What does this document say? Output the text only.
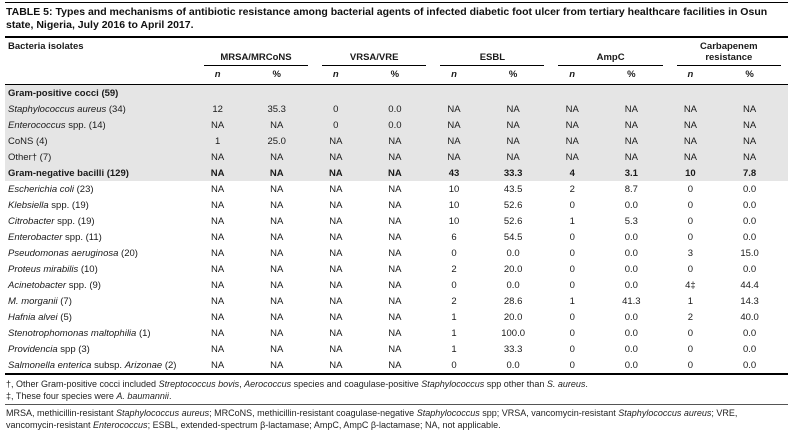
TABLE 5: Types and mechanisms of antibiotic resistance among bacterial agents of infected diabetic foot ulcer from tertiary healthcare facilities in Osun state, Nigeria, July 2016 to April 2017.
Bacteria isolates	MRSA/MRCoNS		VRSA/VRE		ESBL		AmpC		Carbapenem resistance	

	n	%	n	%	n	%	n	%	n	%
Gram-positive cocci (59)										
Staphylococcus aureus (34)	12	35.3	0	0.0	NA	NA	NA	NA	NA	NA
Enterococcus spp. (14)	NA	NA	0	0.0	NA	NA	NA	NA	NA	NA
CoNS (4)	1	25.0	NA	NA	NA	NA	NA	NA	NA	NA
Other† (7)	NA	NA	NA	NA	NA	NA	NA	NA	NA	NA
Gram-negative bacilli (129)	NA	NA	NA	NA	43	33.3	4	3.1	10	7.8
Escherichia coli (23)	NA	NA	NA	NA	10	43.5	2	8.7	0	0.0
Klebsiella spp. (19)	NA	NA	NA	NA	10	52.6	0	0.0	0	0.0
Citrobacter spp. (19)	NA	NA	NA	NA	10	52.6	1	5.3	0	0.0
Enterobacter spp. (11)	NA	NA	NA	NA	6	54.5	0	0.0	0	0.0
Pseudomonas aeruginosa (20)	NA	NA	NA	NA	0	0.0	0	0.0	3	15.0
Proteus mirabilis (10)	NA	NA	NA	NA	2	20.0	0	0.0	0	0.0
Acinetobacter spp. (9)	NA	NA	NA	NA	0	0.0	0	0.0	4‡	44.4
M. morganii (7)	NA	NA	NA	NA	2	28.6	1	41.3	1	14.3
Hafnia alvei (5)	NA	NA	NA	NA	1	20.0	0	0.0	2	40.0
Stenotrophomonas maltophilia (1)	NA	NA	NA	NA	1	100.0	0	0.0	0	0.0
Providencia spp (3)	NA	NA	NA	NA	1	33.3	0	0.0	0	0.0
Salmonella enterica subsp. Arizonae (2)	NA	NA	NA	NA	0	0.0	0	0.0	0	0.0
†, Other Gram-positive cocci included Streptococcus bovis, Aerococcus species and coagulase-positive Staphylococcus spp other than S. aureus.
‡, These four species were A. baumannii.
MRSA, methicillin-resistant Staphylococcus aureus; MRCoNS, methicillin-resistant coagulase-negative Staphylococcus spp; VRSA, vancomycin-resistant Staphylococcus aureus; VRE, vancomycin-resistant Enterococcus; ESBL, extended-spectrum β-lactamase; AmpC, AmpC β-lactamase; NA, not applicable.
